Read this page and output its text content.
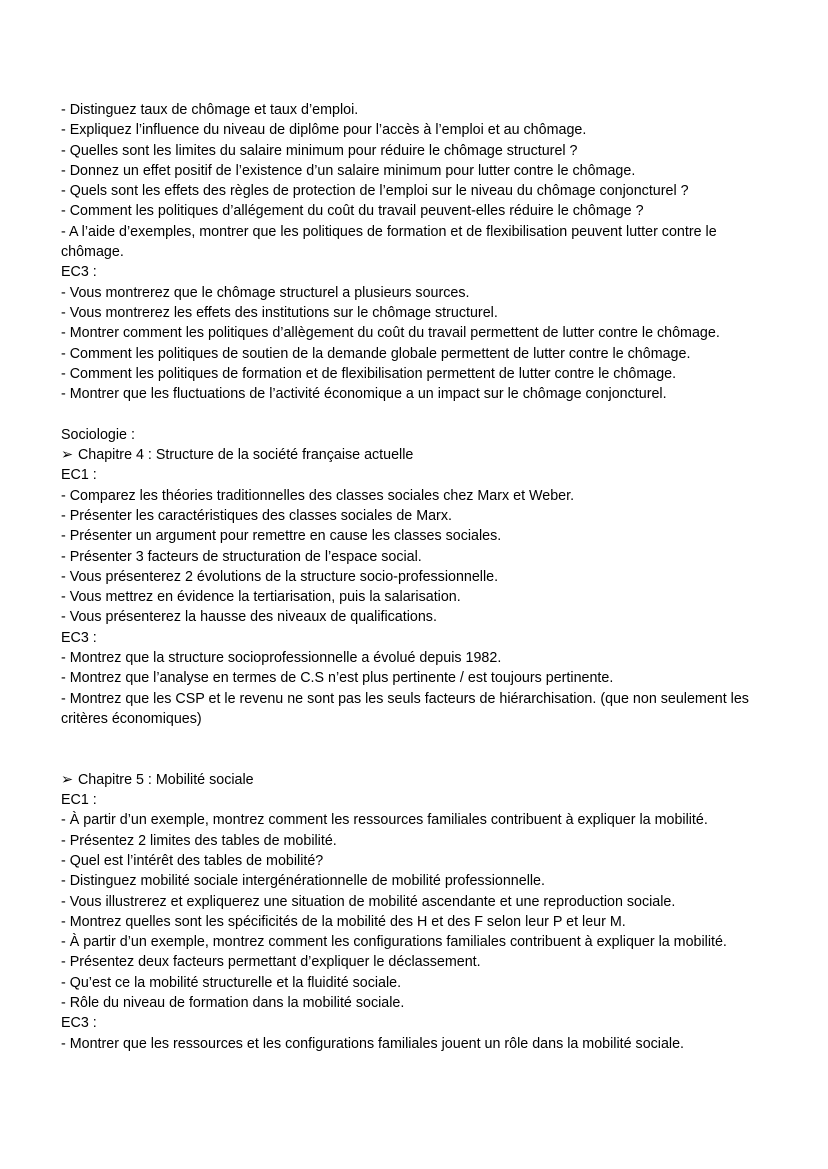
- Distinguez taux de chômage et taux d’emploi.
- Expliquez l’influence du niveau de diplôme pour l’accès à l’emploi et au chômage.
- Quelles sont les limites du salaire minimum pour réduire le chômage structurel ?
- Donnez un effet positif de l’existence d’un salaire minimum pour lutter contre le chômage.
- Quels sont les effets des règles de protection de l’emploi sur le niveau du chômage conjoncturel ?
- Comment les politiques d’allégement du coût du travail peuvent-elles réduire le chômage ?
- A l’aide d’exemples, montrer que les politiques de formation et de flexibilisation peuvent lutter contre le chômage.
EC3 :
- Vous montrerez que le chômage structurel a plusieurs sources.
- Vous montrerez les effets des institutions sur le chômage structurel.
- Montrer comment les politiques d’allègement du coût du travail permettent de lutter contre le chômage.
- Comment les politiques de soutien de la demande globale permettent de lutter contre le chômage.
- Comment les politiques de formation et de flexibilisation permettent de lutter contre le chômage.
- Montrer que les fluctuations de l’activité économique a un impact sur le chômage conjoncturel.
Sociologie :
➢ Chapitre 4 : Structure de la société française actuelle
EC1 :
- Comparez les théories traditionnelles des classes sociales chez Marx et Weber.
- Présenter les caractéristiques des classes sociales de Marx.
- Présenter un argument pour remettre en cause les classes sociales.
- Présenter 3 facteurs de structuration de l’espace social.
- Vous présenterez 2 évolutions de la structure socio-professionnelle.
- Vous mettrez en évidence la tertiarisation, puis la salarisation.
- Vous présenterez la hausse des niveaux de qualifications.
EC3 :
- Montrez que la structure socioprofessionnelle a évolué depuis 1982.
- Montrez que l’analyse en termes de C.S n’est plus pertinente / est toujours pertinente.
- Montrez que les CSP et le revenu ne sont pas les seuls facteurs de hiérarchisation. (que non seulement les critères économiques)
➢ Chapitre 5 : Mobilité sociale
EC1 :
- À partir d’un exemple, montrez comment les ressources familiales contribuent à expliquer la mobilité.
- Présentez 2 limites des tables de mobilité.
- Quel est l’intérêt des tables de mobilité?
- Distinguez mobilité sociale intergénérationnelle de mobilité professionnelle.
- Vous illustrerez et expliquerez une situation de mobilité ascendante et une reproduction sociale.
- Montrez quelles sont les spécificités de la mobilité des H et des F selon leur P et leur M.
- À partir d’un exemple, montrez comment les configurations familiales contribuent à expliquer la mobilité.
- Présentez deux facteurs permettant d’expliquer le déclassement.
- Qu’est ce la mobilité structurelle et la fluidité sociale.
- Rôle du niveau de formation dans la mobilité sociale.
EC3 :
- Montrer que les ressources et les configurations familiales jouent un rôle dans la mobilité sociale.
